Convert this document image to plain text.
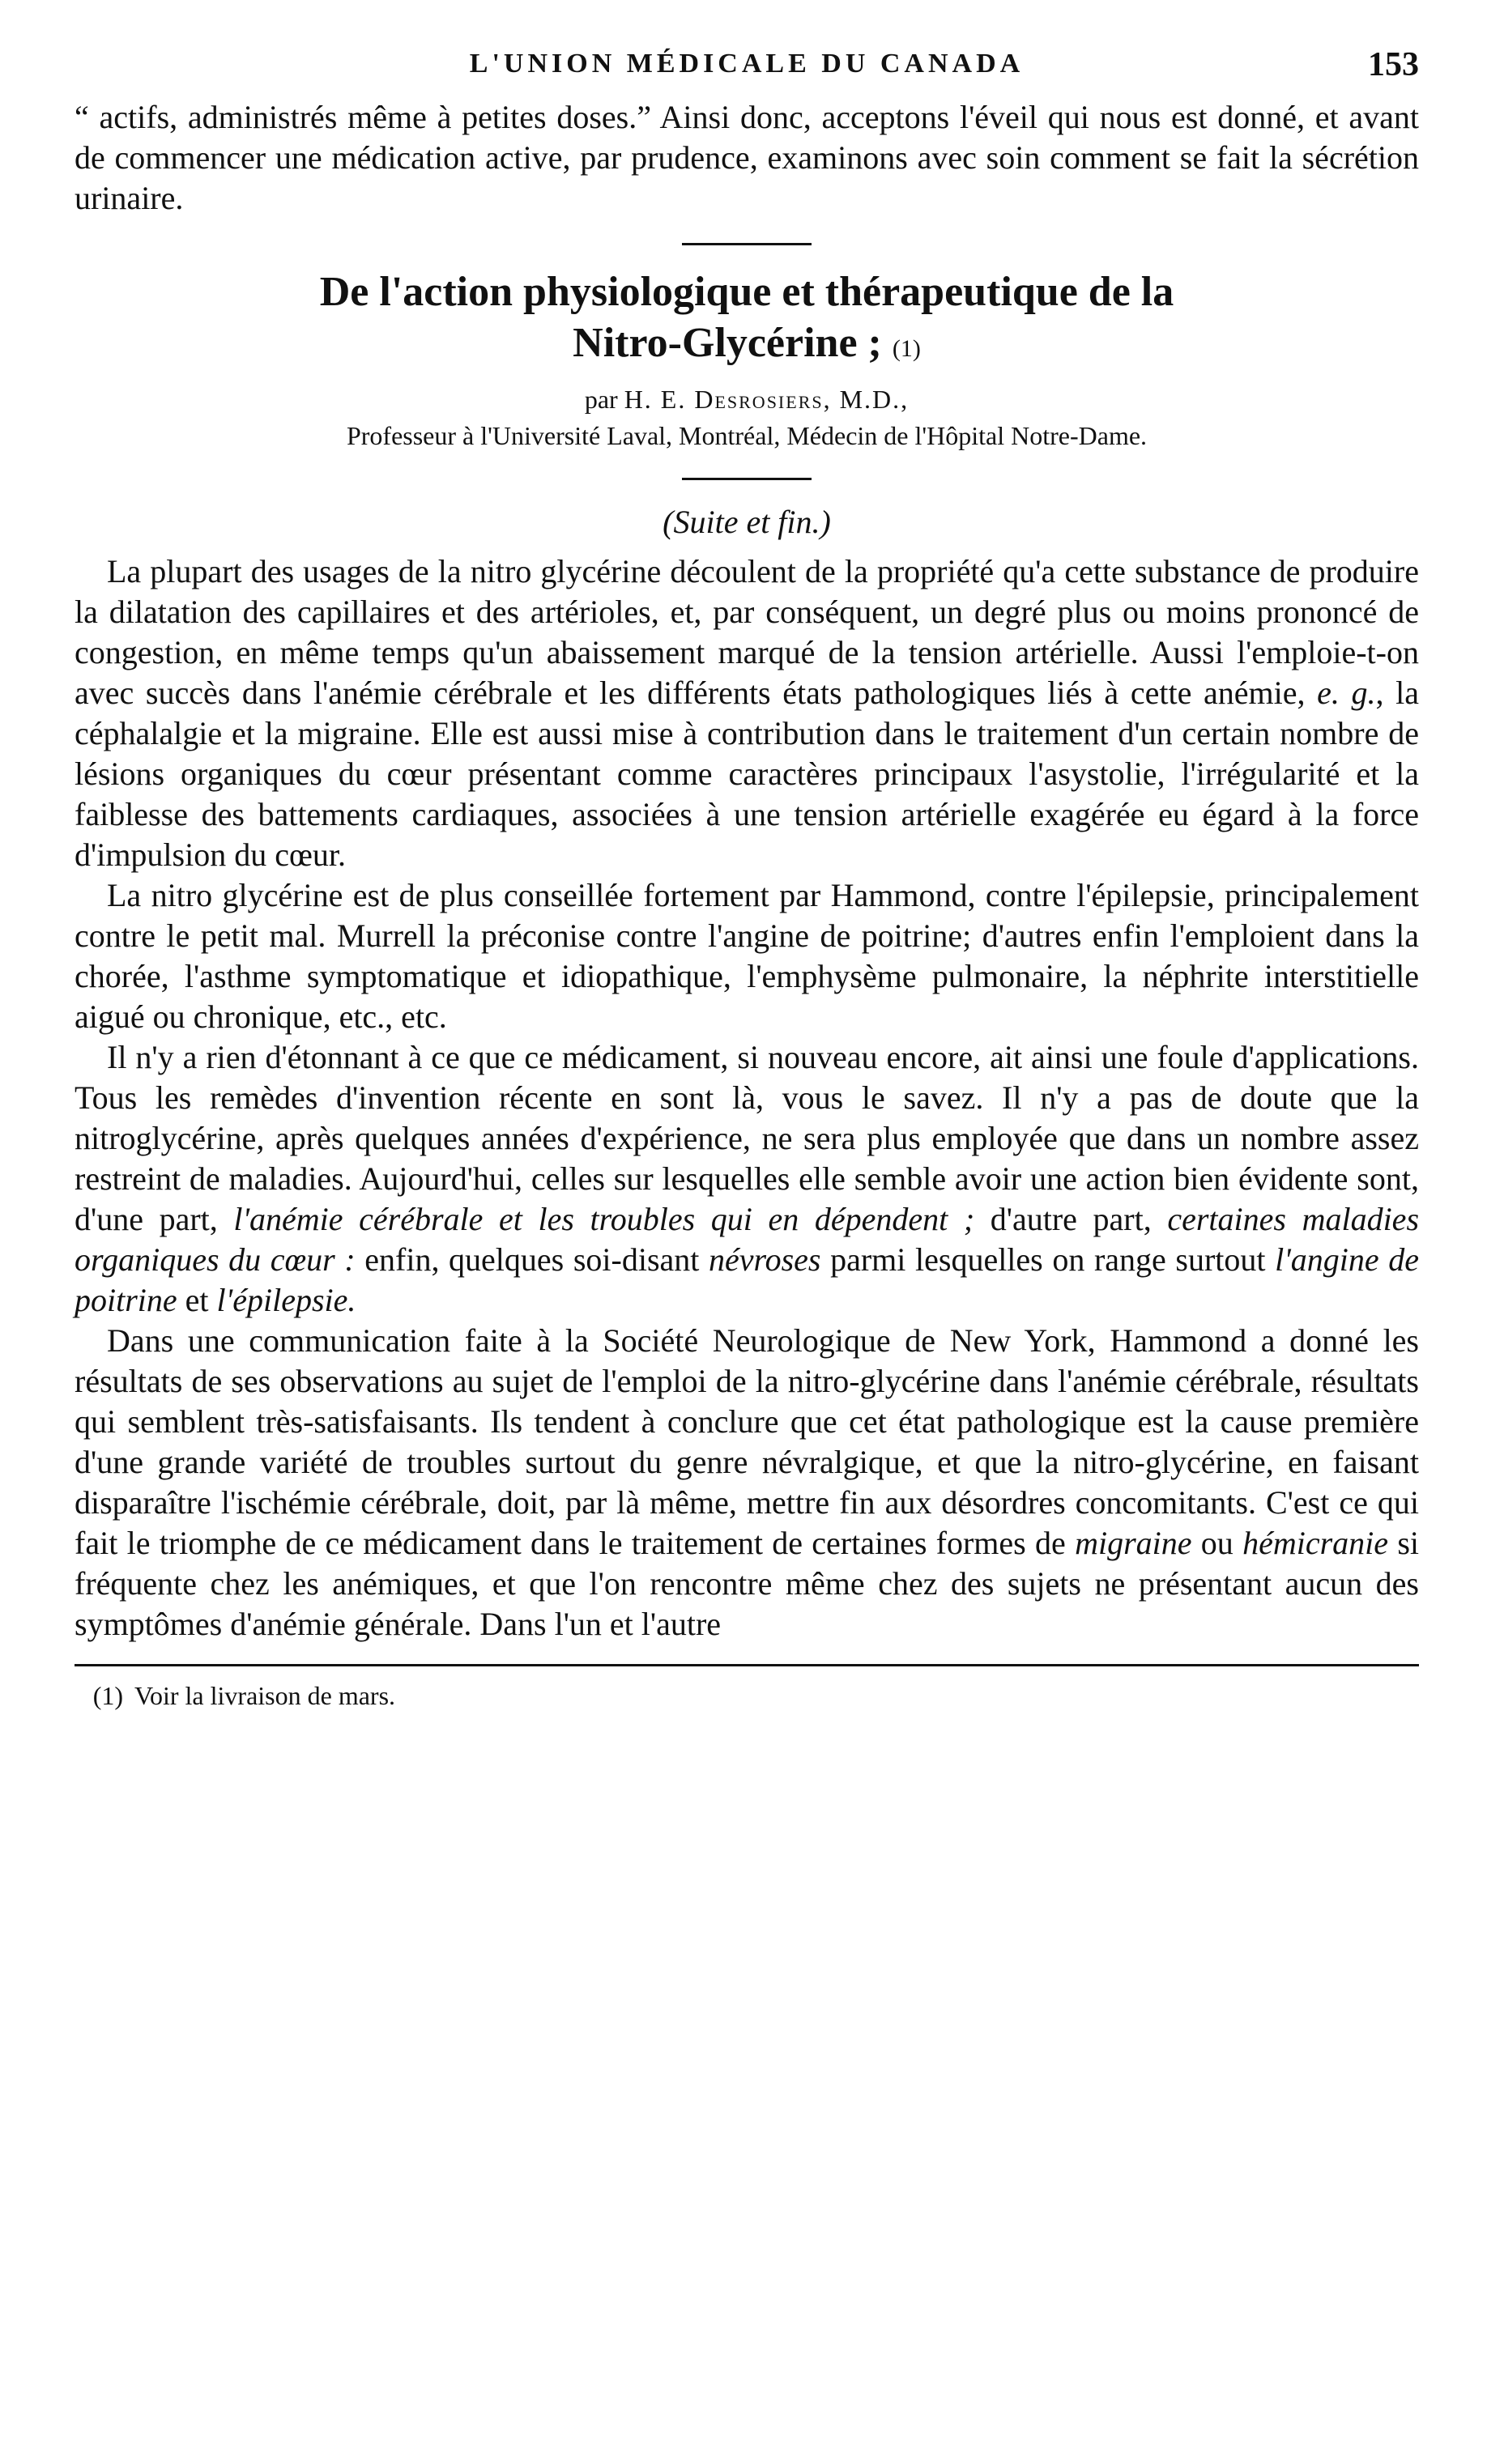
L'UNION MÉDICALE DU CANADA	153

“ actifs, administrés même à petites doses.” Ainsi donc, acceptons l'éveil qui nous est donné, et avant de commencer une médication active, par prudence, examinons avec soin comment se fait la sécrétion urinaire.

De l'action physiologique et thérapeutique de la
Nitro-Glycérine ; (1)
par H. E. Desrosiers, M.D.,
Professeur à l'Université Laval, Montréal, Médecin de l'Hôpital Notre-Dame.
(Suite et fin.)

La plupart des usages de la nitro glycérine découlent de la propriété qu'a cette substance de produire la dilatation des capillaires et des artérioles, et, par conséquent, un degré plus ou moins prononcé de congestion, en même temps qu'un abaissement marqué de la tension artérielle. Aussi l'emploie-t-on avec succès dans l'anémie cérébrale et les différents états pathologiques liés à cette anémie, e. g., la céphalalgie et la migraine. Elle est aussi mise à contribution dans le traitement d'un certain nombre de lésions organiques du cœur présentant comme caractères principaux l'asystolie, l'irrégularité et la faiblesse des battements cardiaques, associées à une tension artérielle exagérée eu égard à la force d'impulsion du cœur.

La nitro glycérine est de plus conseillée fortement par Hammond, contre l'épilepsie, principalement contre le petit mal. Murrell la préconise contre l'angine de poitrine; d'autres enfin l'emploient dans la chorée, l'asthme symptomatique et idiopathique, l'emphysème pulmonaire, la néphrite interstitielle aigué ou chronique, etc., etc.

Il n'y a rien d'étonnant à ce que ce médicament, si nouveau encore, ait ainsi une foule d'applications. Tous les remèdes d'invention récente en sont là, vous le savez. Il n'y a pas de doute que la nitroglycérine, après quelques années d'expérience, ne sera plus employée que dans un nombre assez restreint de maladies. Aujourd'hui, celles sur lesquelles elle semble avoir une action bien évidente sont, d'une part, l'anémie cérébrale et les troubles qui en dépendent ; d'autre part, certaines maladies organiques du cœur : enfin, quelques soi-disant névroses parmi lesquelles on range surtout l'angine de poitrine et l'épilepsie.

Dans une communication faite à la Société Neurologique de New York, Hammond a donné les résultats de ses observations au sujet de l'emploi de la nitro-glycérine dans l'anémie cérébrale, résultats qui semblent très-satisfaisants. Ils tendent à conclure que cet état pathologique est la cause première d'une grande variété de troubles surtout du genre névralgique, et que la nitro-glycérine, en faisant disparaître l'ischémie cérébrale, doit, par là même, mettre fin aux désordres concomitants. C'est ce qui fait le triomphe de ce médicament dans le traitement de certaines formes de migraine ou hémicranie si fréquente chez les anémiques, et que l'on rencontre même chez des sujets ne présentant aucun des symptômes d'anémie générale. Dans l'un et l'autre

(1) Voir la livraison de mars.
